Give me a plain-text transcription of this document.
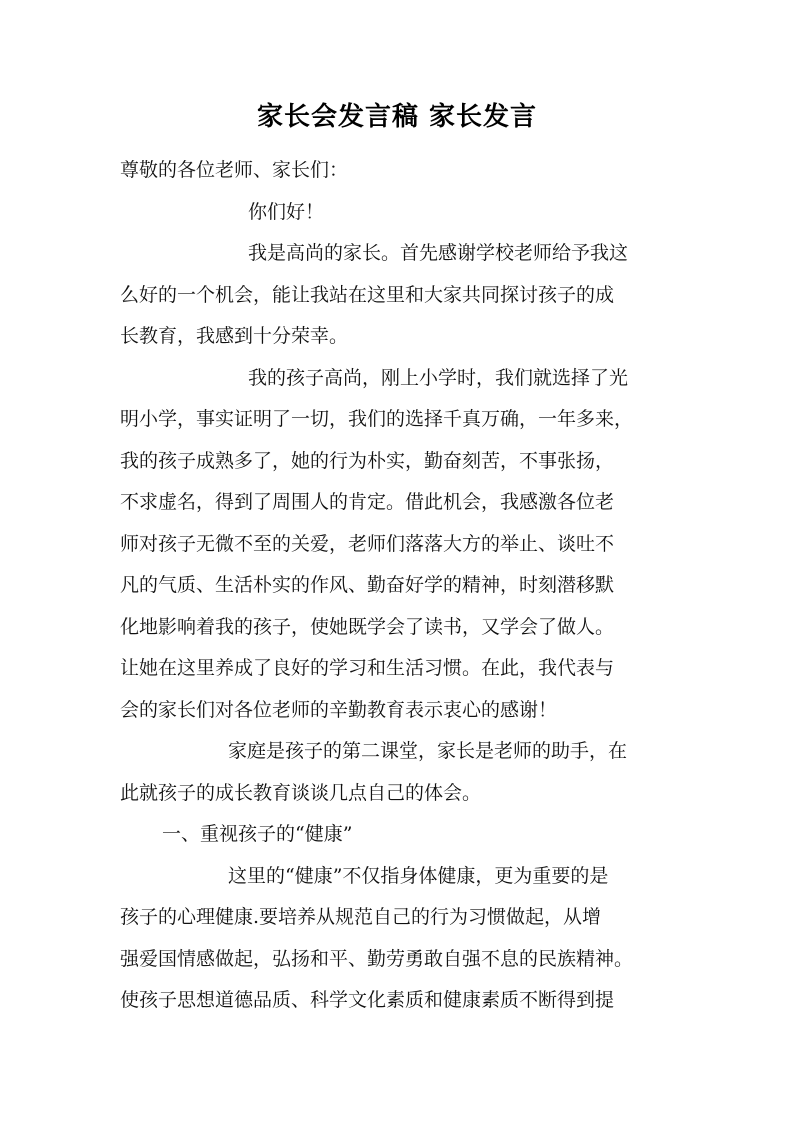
家长会发言稿 家长发言
尊敬的各位老师、家长们：
你们好！
我是高尚的家长。首先感谢学校老师给予我这
么好的一个机会，能让我站在这里和大家共同探讨孩子的成
长教育，我感到十分荣幸。
我的孩子高尚，刚上小学时，我们就选择了光
明小学，事实证明了一切，我们的选择千真万确，一年多来，
我的孩子成熟多了，她的行为朴实，勤奋刻苦，不事张扬，
不求虚名，得到了周围人的肯定。借此机会，我感激各位老
师对孩子无微不至的关爱，老师们落落大方的举止、谈吐不
凡的气质、生活朴实的作风、勤奋好学的精神，时刻潜移默
化地影响着我的孩子，使她既学会了读书，又学会了做人。
让她在这里养成了良好的学习和生活习惯。在此，我代表与
会的家长们对各位老师的辛勤教育表示衷心的感谢！
家庭是孩子的第二课堂，家长是老师的助手，在
此就孩子的成长教育谈谈几点自己的体会。
一、重视孩子的“健康”
这里的“健康”不仅指身体健康，更为重要的是
孩子的心理健康.要培养从规范自己的行为习惯做起，从增
强爱国情感做起，弘扬和平、勤劳勇敢自强不息的民族精神。
使孩子思想道德品质、科学文化素质和健康素质不断得到提
